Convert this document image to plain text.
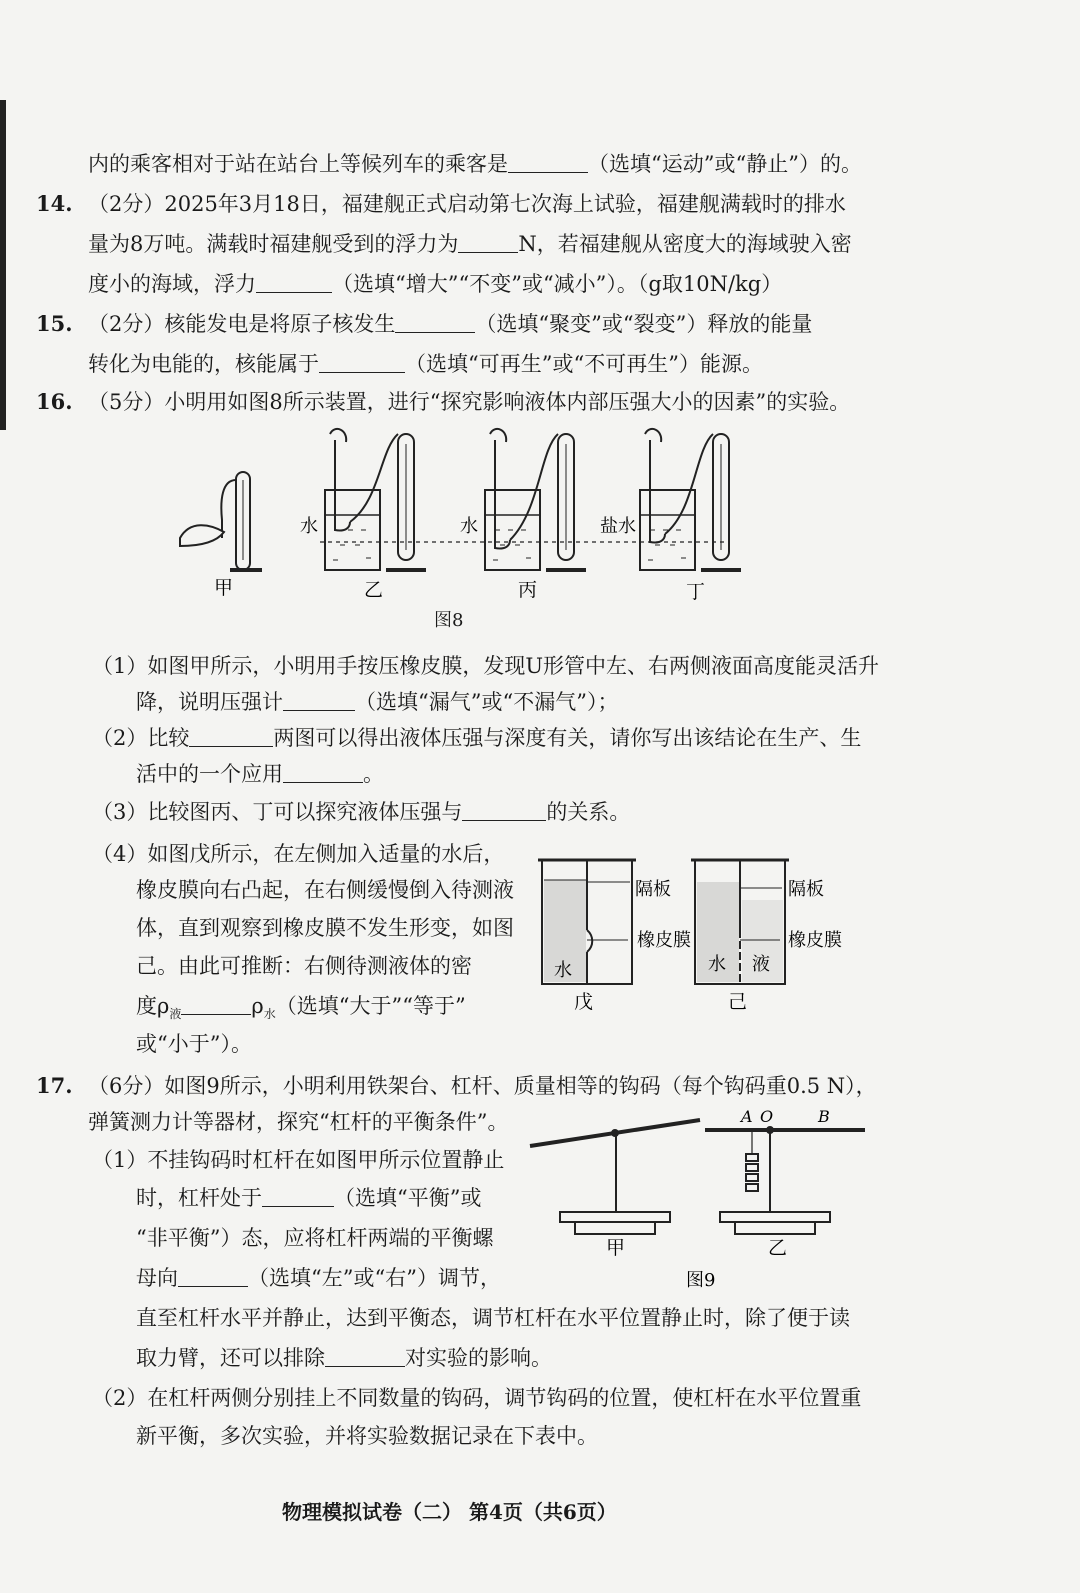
内的乘客相对于站在站台上等候列车的乘客是	（选填“运动”或“静止”）的。
14. （2分）2025年3月18日，福建舰正式启动第七次海上试验，福建舰满载时的排水
量为8万吨。满载时福建舰受到的浮力为	N，若福建舰从密度大的海域驶入密
度小的海域，浮力	（选填“增大”“不变”或“减小”）。（g取10N/kg）
15. （2分）核能发电是将原子核发生	（选填“聚变”或“裂变”）释放的能量
转化为电能的，核能属于	（选填“可再生”或“不可再生”）能源。
16. （5分）小明用如图8所示装置，进行“探究影响液体内部压强大小的因素”的实验。
水	水	盐水
甲	乙	丙	丁
图8
（1）如图甲所示，小明用手按压橡皮膜，发现U形管中左、右两侧液面高度能灵活升
降，说明压强计	（选填“漏气”或“不漏气”）；
（2）比较	两图可以得出液体压强与深度有关，请你写出该结论在生产、生
活中的一个应用	。
（3）比较图丙、丁可以探究液体压强与	的关系。
（4）如图戊所示，在左侧加入适量的水后，
橡皮膜向右凸起，在右侧缓慢倒入待测液
体，直到观察到橡皮膜不发生形变，如图
己。由此可推断：右侧待测液体的密
度$\rho_液$	$\rho_水$（选填“大于”“等于”
或“小于”）。
隔板
橡皮膜
隔板
橡皮膜
水	水 液
戊	己
17. （6分）如图9所示，小明利用铁架台、杠杆、质量相等的钩码（每个钩码重0.5 N），
弹簧测力计等器材，探究“杠杆的平衡条件”。
（1）不挂钩码时杠杆在如图甲所示位置静止
时，杠杆处于	（选填“平衡”或
“非平衡”）态，应将杠杆两端的平衡螺
母向	（选填“左”或“右”）调节，
直至杠杆水平并静止，达到平衡态，调节杠杆在水平位置静止时，除了便于读
取力臂，还可以排除	对实验的影响。
（2）在杠杆两侧分别挂上不同数量的钩码，调节钩码的位置，使杠杆在水平位置重
新平衡，多次实验，并将实验数据记录在下表中。
A O	B
甲	乙
图9
物理模拟试卷（二） 第4页（共6页）
